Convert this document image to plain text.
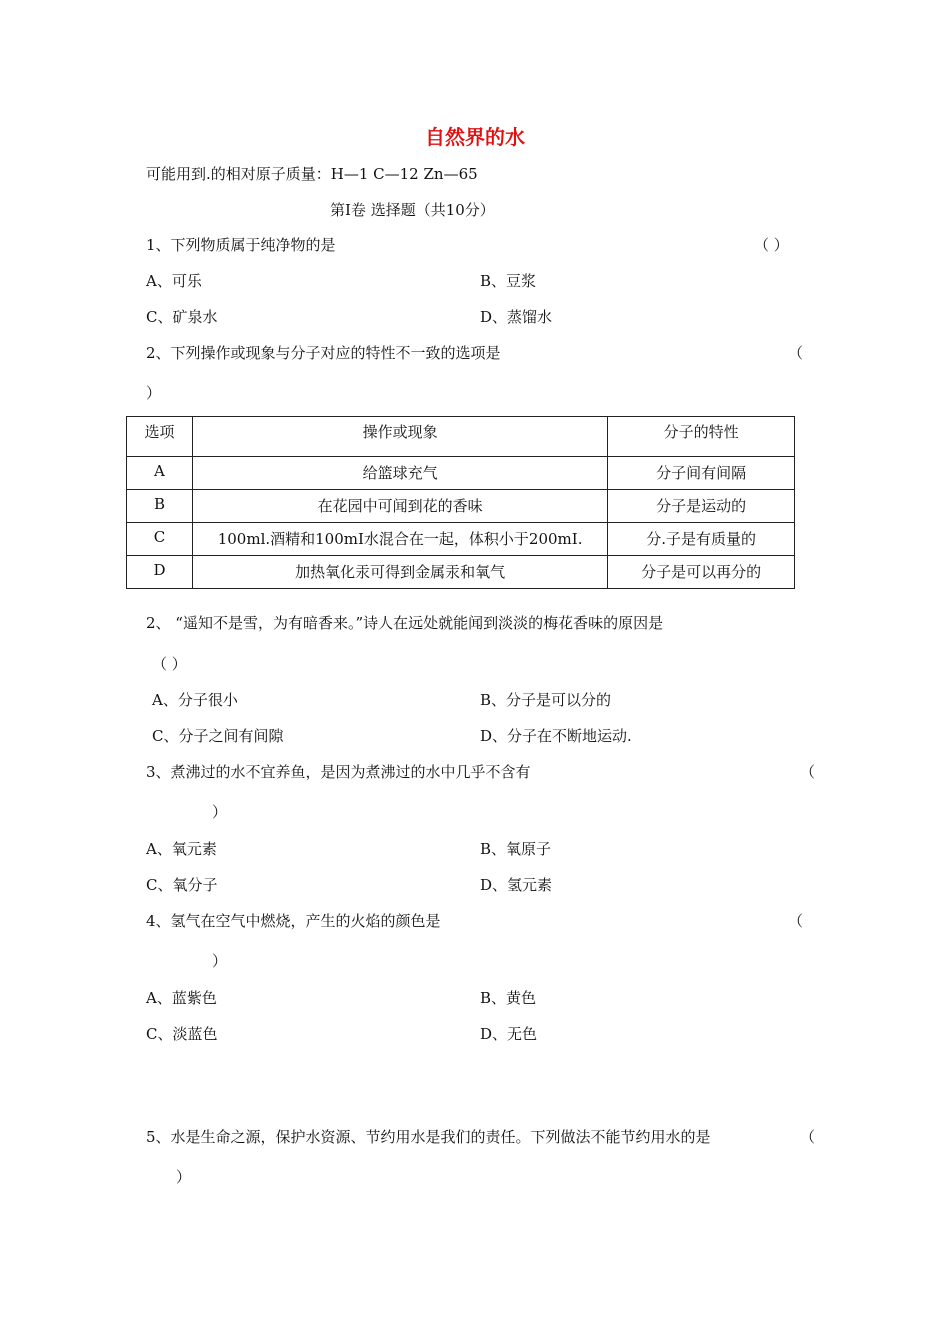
自然界的水
可能用到.的相对原子质量：H—1 C—12 Zn—65
第Ⅰ卷 选择题（共10分）
1、下列物质属于纯净物的是	（ ）
A、可乐	B、豆浆
C、矿泉水	D、蒸馏水
2、下列操作或现象与分子对应的特性不一致的选项是	（
）
选项	操作或现象	分子的特性
A	给篮球充气	分子间有间隔
B	在花园中可闻到花的香味	分子是运动的
C	100ml.酒精和100mI水混合在一起，体积小于200mI.	分.子是有质量的
D	加热氧化汞可得到金属汞和氧气	分子是可以再分的
2、 “遥知不是雪，为有暗香来。”诗人在远处就能闻到淡淡的梅花香味的原因是
（ ）
A、分子很小	B、分子是可以分的
C、分子之间有间隙	D、分子在不断地运动.
3、煮沸过的水不宜养鱼，是因为煮沸过的水中几乎不含有	（
）
A、氧元素	B、氧原子
C、氧分子	D、氢元素
4、氢气在空气中燃烧，产生的火焰的颜色是	（
）
A、蓝紫色	B、黄色
C、淡蓝色	D、无色
5、水是生命之源，保护水资源、节约用水是我们的责任。下列做法不能节约用水的是	（
）
